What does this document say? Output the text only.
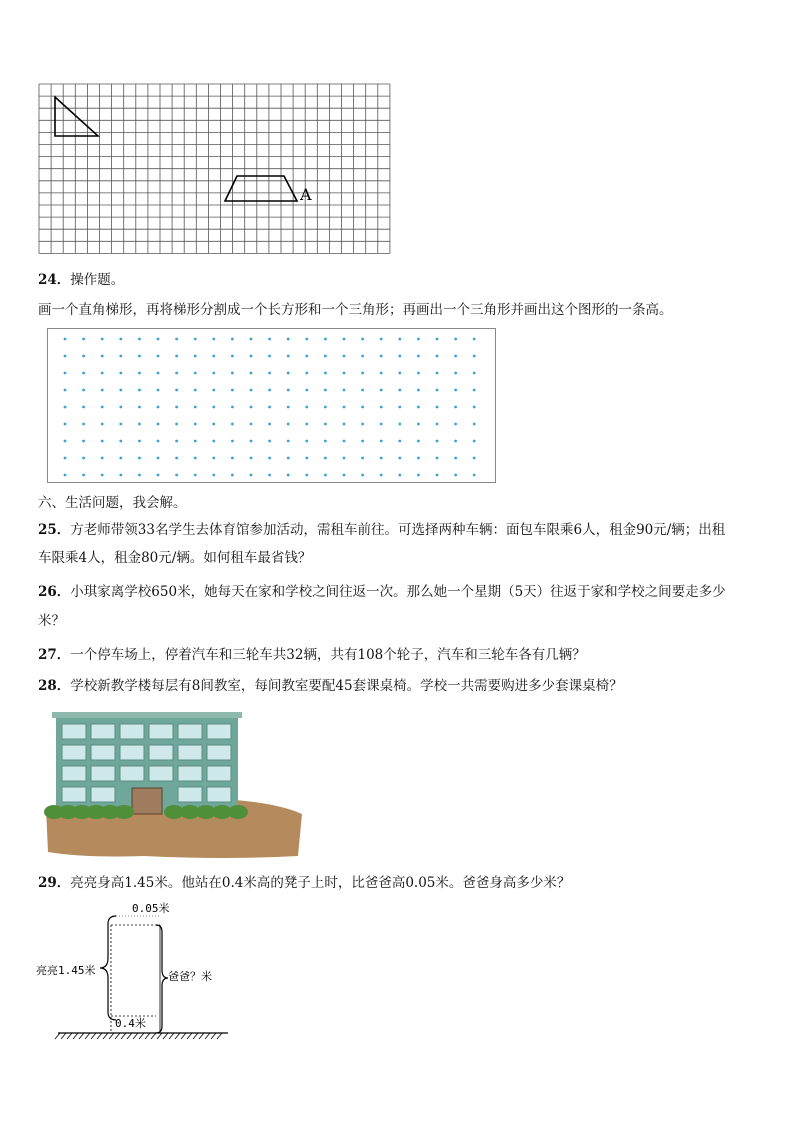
A
24．操作题。
画一个直角梯形，再将梯形分割成一个长方形和一个三角形；再画出一个三角形并画出这个图形的一条高。
六、生活问题，我会解。
25．方老师带领33名学生去体育馆参加活动，需租车前往。可选择两种车辆：面包车限乘6人，租金90元/辆；出租
车限乘4人，租金80元/辆。如何租车最省钱？
26．小琪家离学校650米，她每天在家和学校之间往返一次。那么她一个星期（5天）往返于家和学校之间要走多少
米？
27．一个停车场上，停着汽车和三轮车共32辆，共有108个轮子，汽车和三轮车各有几辆？
28．学校新教学楼每层有8间教室，每间教室要配45套课桌椅。学校一共需要购进多少套课桌椅？
29．亮亮身高1.45米。他站在0.4米高的凳子上时，比爸爸高0.05米。爸爸身高多少米？
0.05米
亮亮1.45米	爸爸？米
0.4米
